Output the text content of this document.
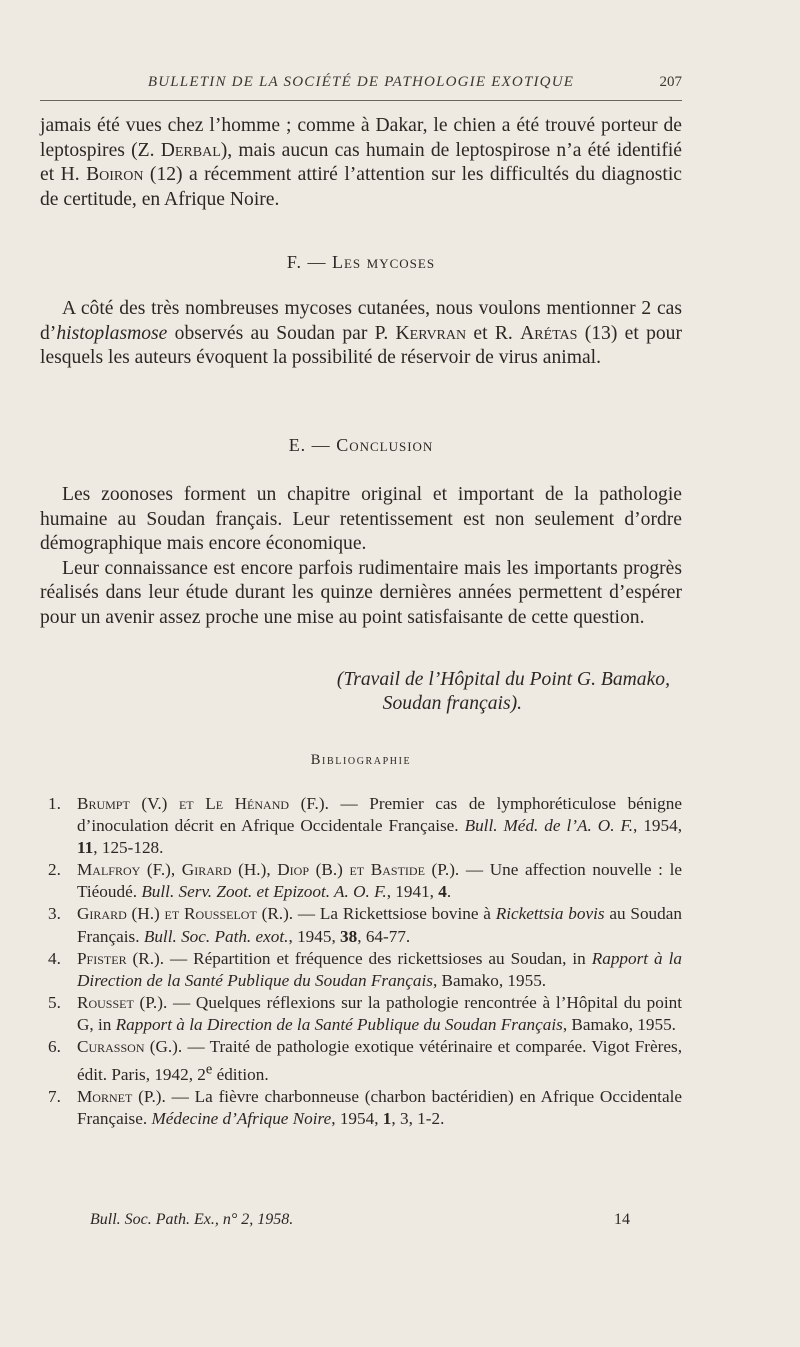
BULLETIN DE LA SOCIÉTÉ DE PATHOLOGIE EXOTIQUE	207

jamais été vues chez l’homme ; comme à Dakar, le chien a été trouvé porteur de leptospires (Z. Derbal), mais aucun cas humain de leptospirose n’a été identifié et H. Boiron (12) a récemment attiré l’attention sur les difficultés du diagnostic de certitude, en Afrique Noire.

F. — Les mycoses

A côté des très nombreuses mycoses cutanées, nous voulons mentionner 2 cas d’histoplasmose observés au Soudan par P. Kervran et R. Arétas (13) et pour lesquels les auteurs évoquent la possibilité de réservoir de virus animal.

E. — Conclusion

Les zoonoses forment un chapitre original et important de la pathologie humaine au Soudan français. Leur retentissement est non seulement d’ordre démographique mais encore économique.

Leur connaissance est encore parfois rudimentaire mais les importants progrès réalisés dans leur étude durant les quinze dernières années permettent d’espérer pour un avenir assez proche une mise au point satisfaisante de cette question.

(Travail de l’Hôpital du Point G. Bamako,
Soudan français).
Bibliographie
1. Brumpt (V.) et Le Hénand (F.). — Premier cas de lymphoréticulose bénigne d’inoculation décrit en Afrique Occidentale Française. Bull. Méd. de l’A. O. F., 1954, 11, 125-128.
2. Malfroy (F.), Girard (H.), Diop (B.) et Bastide (P.). — Une affection nouvelle : le Tiéoudé. Bull. Serv. Zoot. et Epizoot. A. O. F., 1941, 4.
3. Girard (H.) et Rousselot (R.). — La Rickettsiose bovine à Rickettsia bovis au Soudan Français. Bull. Soc. Path. exot., 1945, 38, 64-77.
4. Pfister (R.). — Répartition et fréquence des rickettsioses au Soudan, in Rapport à la Direction de la Santé Publique du Soudan Français, Bamako, 1955.
5. Rousset (P.). — Quelques réflexions sur la pathologie rencontrée à l’Hôpital du point G, in Rapport à la Direction de la Santé Publique du Soudan Français, Bamako, 1955.
6. Curasson (G.). — Traité de pathologie exotique vétérinaire et comparée. Vigot Frères, édit. Paris, 1942, 2e édition.
7. Mornet (P.). — La fièvre charbonneuse (charbon bactéridien) en Afrique Occidentale Française. Médecine d’Afrique Noire, 1954, 1, 3, 1-2.
Bull. Soc. Path. Ex., n° 2, 1958.	14
